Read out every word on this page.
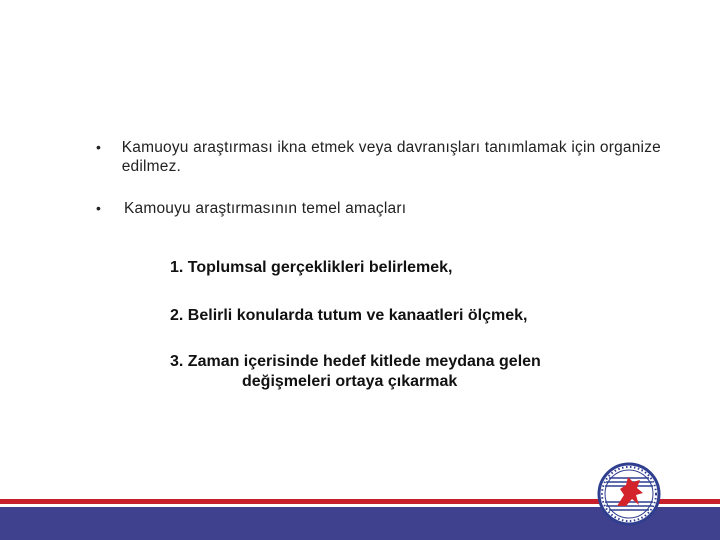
•	Kamuoyu araştırması ikna etmek veya davranışları tanımlamak için organize edilmez.
•	Kamouyu araştırmasının temel amaçları
1. Toplumsal gerçeklikleri belirlemek,
2. Belirli konularda tutum ve kanaatleri ölçmek,
3. Zaman içerisinde hedef kitlede meydana gelen
değişmeleri ortaya çıkarmak
